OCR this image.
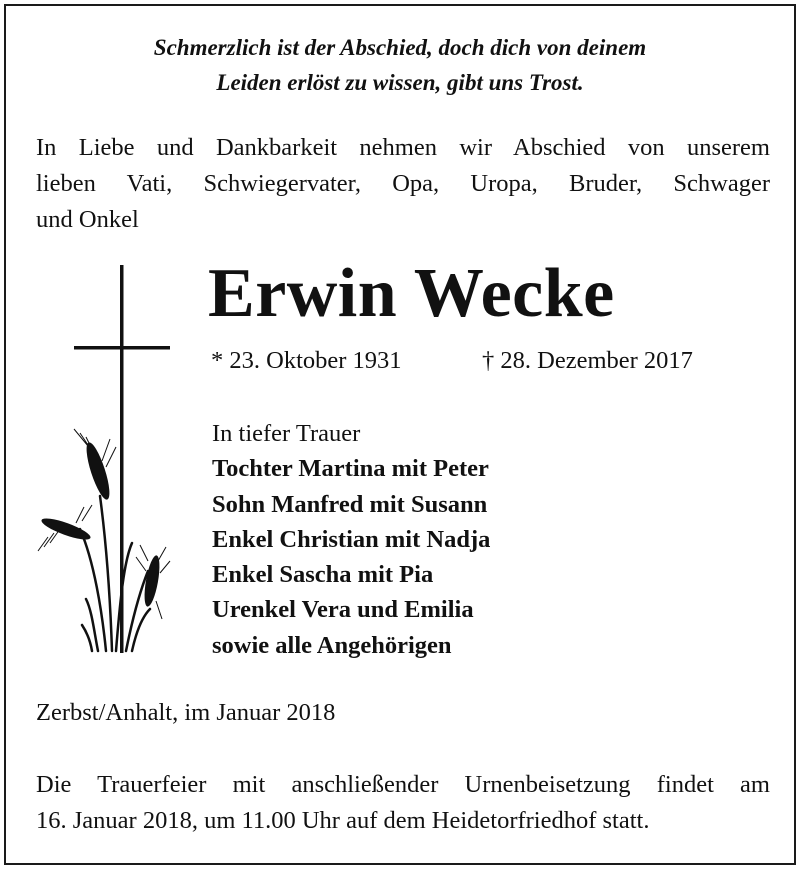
Schmerzlich ist der Abschied, doch dich von deinem
Leiden erlöst zu wissen, gibt uns Trost.
In Liebe und Dankbarkeit nehmen wir Abschied von unserem
lieben Vati, Schwiegervater, Opa, Uropa, Bruder, Schwager
und Onkel
Erwin Wecke
* 23. Oktober 1931	† 28. Dezember 2017
In tiefer Trauer
Tochter Martina mit Peter
Sohn Manfred mit Susann
Enkel Christian mit Nadja
Enkel Sascha mit Pia
Urenkel Vera und Emilia
sowie alle Angehörigen
Zerbst/Anhalt, im Januar 2018
Die Trauerfeier mit anschließender Urnenbeisetzung findet am
16. Januar 2018, um 11.00 Uhr auf dem Heidetorfriedhof statt.
